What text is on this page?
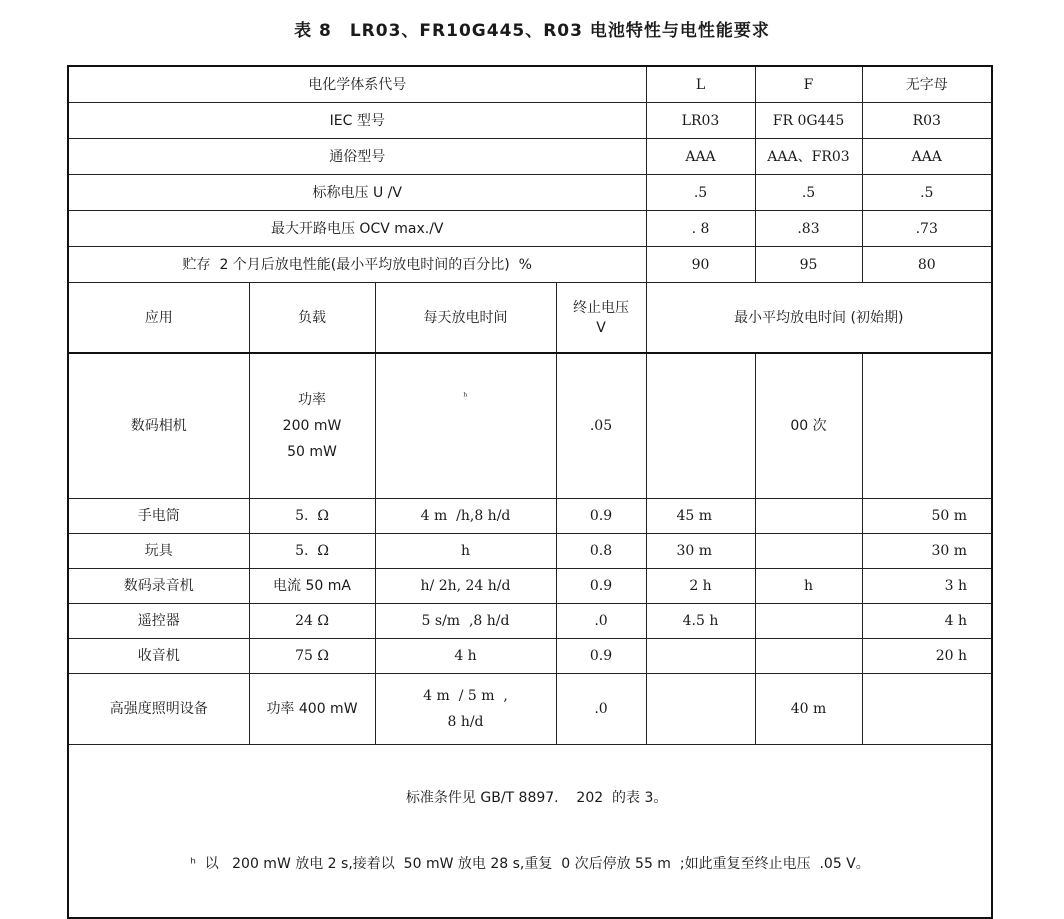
表 8　LR03、FR10G445、R03 电池特性与电性能要求
电化学体系代号				L	F	无字母
IEC 型号				LR03	FR 0G445	R03
通俗型号				AAA	AAA、FR03	AAA
标称电压 U /V				.5	.5	.5
最大开路电压 OCV max./V				. 8	.83	.73
贮存  2 个月后放电性能(最小平均放电时间的百分比)  %				90	95	80
应用	负载	每天放电时间	终止电压
V	最小平均放电时间 (初始期)		
数码相机	功率
200 mW
50 mW	ʰ	.05		00 次	
手电筒	5.  Ω	4 m  /h,8 h/d	0.9	45 m		50 m
玩具	5.  Ω	h	0.8	30 m		30 m
数码录音机	电流 50 mA	h/ 2h, 24 h/d	0.9	2 h	h	3 h
遥控器	24 Ω	5 s/m  ,8 h/d	.0	4.5 h		4 h
收音机	75 Ω	4 h	0.9			20 h
高强度照明设备	功率 400 mW	4 m  / 5 m  ,
8 h/d	.0		40 m	

标准条件见 GB/T 8897.    202  的表 3。

ʰ  以   200 mW 放电 2 s,接着以  50 mW 放电 28 s,重复  0 次后停放 55 m  ;如此重复至终止电压  .05 V。						
